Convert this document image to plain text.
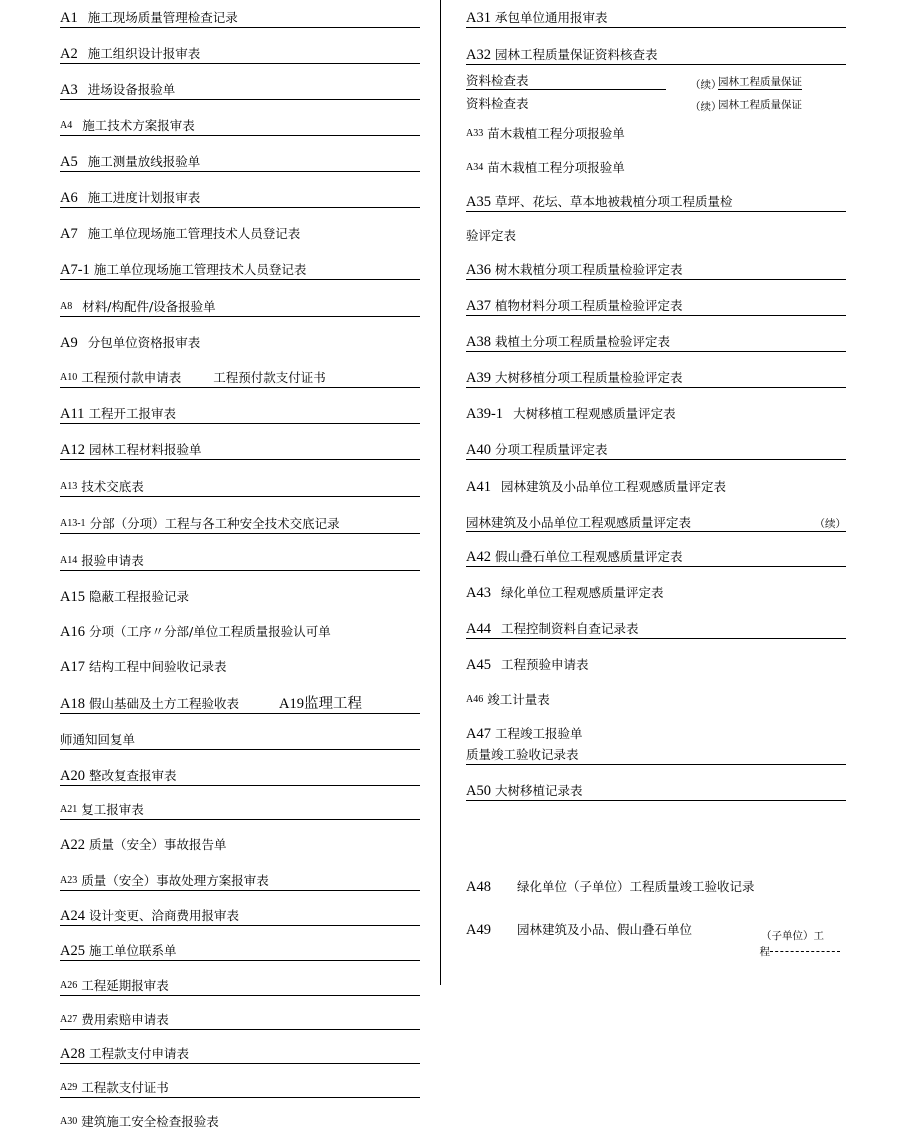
A1 施工现场质量管理检查记录
A2 施工组织设计报审表
A3 进场设备报验单
A4 施工技术方案报审表
A5 施工测量放线报验单
A6 施工进度计划报审表
A7 施工单位现场施工管理技术人员登记表
A7-1 施工单位现场施工管理技术人员登记表
A8 材料/构配件/设备报验单
A9 分包单位资格报审表
A10 工程预付款申请表	工程预付款支付证书
A11 工程开工报审表
A12 园林工程材料报验单
A13 技术交底表
A13-1 分部（分项）工程与各工种安全技术交底记录
A14 报验申请表
A15 隐蔽工程报验记录
A16 分项（工序〃分部/单位工程质量报验认可单
A17 结构工程中间验收记录表
A18 假山基础及土方工程验收表	A19监理工程
师通知回复单
A20 整改复查报审表
A21 复工报审表
A22 质量（安全）事故报告单
A23 质量（安全）事故处理方案报审表
A24 设计变更、洽商费用报审表
A25 施工单位联系单
A26 工程延期报审表
A27 费用索赔申请表
A28 工程款支付申请表
A29 工程款支付证书
A30 建筑施工安全检查报验表
A31 承包单位通用报审表
A32 园林工程质量保证资料核查表
资料检查表	（续）
园林工程质量保证
资料检查表	（续）
园林工程质量保证
A33 苗木栽植工程分项报验单
A34 苗木栽植工程分项报验单
A35 草坪、花坛、草本地被栽植分项工程质量检
验评定表
A36 树木栽植分项工程质量检验评定表
A37 植物材料分项工程质量检验评定表
A38 栽植土分项工程质量检验评定表
A39 大树移植分项工程质量检验评定表
A39-1 大树移植工程观感质量评定表
A40 分项工程质量评定表
A41 园林建筑及小品单位工程观感质量评定表
园林建筑及小品单位工程观感质量评定表	（续）
A42 假山叠石单位工程观感质量评定表
A43 绿化单位工程观感质量评定表
A44 工程控制资料自查记录表
A45 工程预验申请表
A46 竣工计量表
A47 工程竣工报验单
质量竣工验收记录表
A50 大树移植记录表
A48 绿化单位（子单位）工程质量竣工验收记录
A49 园林建筑及小品、假山叠石单位	（子单位）工
程
